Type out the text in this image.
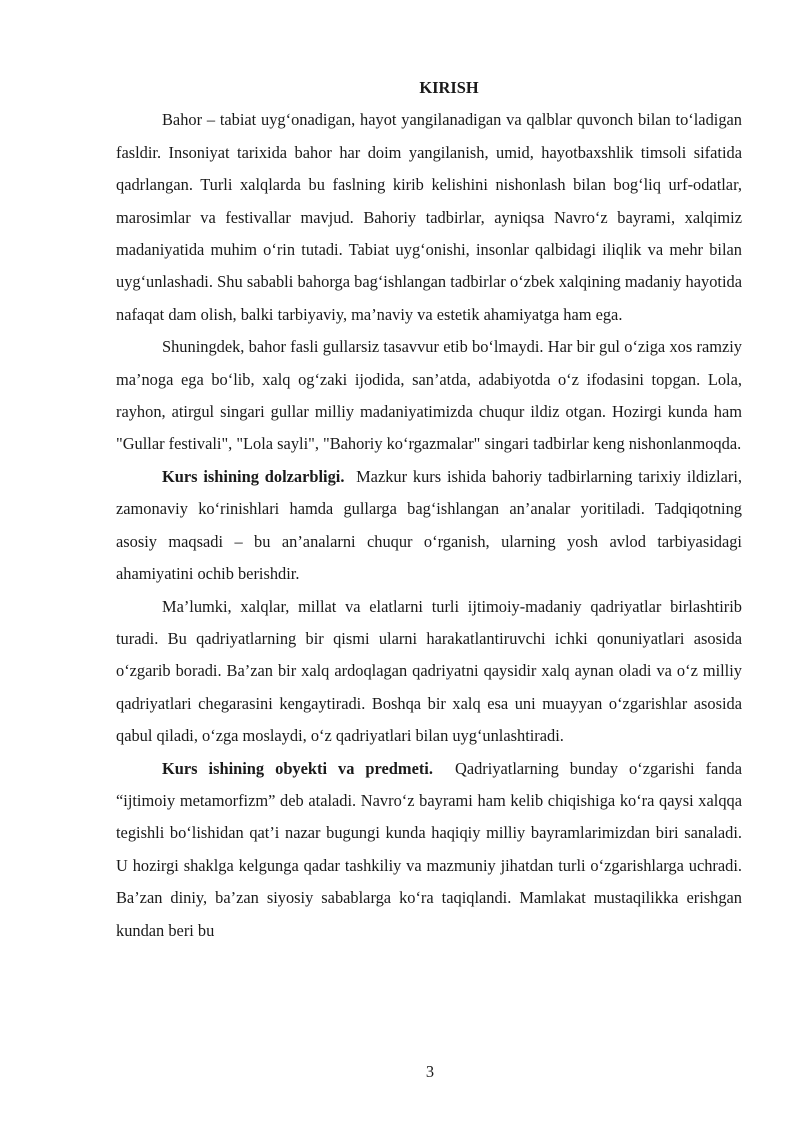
KIRISH

Bahor – tabiat uyg‘onadigan, hayot yangilanadigan va qalblar quvonch bilan to‘ladigan fasldir. Insoniyat tarixida bahor har doim yangilanish, umid, hayotbaxshlik timsoli sifatida qadrlangan. Turli xalqlarda bu faslning kirib kelishini nishonlash bilan bog‘liq urf-odatlar, marosimlar va festivallar mavjud. Bahoriy tadbirlar, ayniqsa Navro‘z bayrami, xalqimiz madaniyatida muhim o‘rin tutadi. Tabiat uyg‘onishi, insonlar qalbidagi iliqlik va mehr bilan uyg‘unlashadi. Shu sababli bahorga bag‘ishlangan tadbirlar o‘zbek xalqining madaniy hayotida nafaqat dam olish, balki tarbiyaviy, ma’naviy va estetik ahamiyatga ham ega.

Shuningdek, bahor fasli gullarsiz tasavvur etib bo‘lmaydi. Har bir gul o‘ziga xos ramziy ma’noga ega bo‘lib, xalq og‘zaki ijodida, san’atda, adabiyotda o‘z ifodasini topgan. Lola, rayhon, atirgul singari gullar milliy madaniyatimizda chuqur ildiz otgan. Hozirgi kunda ham "Gullar festivali", "Lola sayli", "Bahoriy ko‘rgazmalar" singari tadbirlar keng nishonlanmoqda.

Kurs ishining dolzarbligi. Mazkur kurs ishida bahoriy tadbirlarning tarixiy ildizlari, zamonaviy ko‘rinishlari hamda gullarga bag‘ishlangan an’analar yoritiladi. Tadqiqotning asosiy maqsadi – bu an’analarni chuqur o‘rganish, ularning yosh avlod tarbiyasidagi ahamiyatini ochib berishdir.

Ma’lumki, xalqlar, millat va elatlarni turli ijtimoiy-madaniy qadriyatlar birlashtirib turadi. Bu qadriyatlarning bir qismi ularni harakatlantiruvchi ichki qonuniyatlari asosida o‘zgarib boradi. Ba’zan bir xalq ardoqlagan qadriyatni qaysidir xalq aynan oladi va o‘z milliy qadriyatlari chegarasini kengaytiradi. Boshqa bir xalq esa uni muayyan o‘zgarishlar asosida qabul qiladi, o‘zga moslaydi, o‘z qadriyatlari bilan uyg‘unlashtiradi.

Kurs ishining obyekti va predmeti. Qadriyatlarning bunday o‘zgarishi fanda “ijtimoiy metamorfizm” deb ataladi. Navro‘z bayrami ham kelib chiqishiga ko‘ra qaysi xalqqa tegishli bo‘lishidan qat’i nazar bugungi kunda haqiqiy milliy bayramlarimizdan biri sanaladi. U hozirgi shaklga kelgunga qadar tashkiliy va mazmuniy jihatdan turli o‘zgarishlarga uchradi. Ba’zan diniy, ba’zan siyosiy sabablarga ko‘ra taqiqlandi. Mamlakat mustaqilikka erishgan kundan beri bu

3
